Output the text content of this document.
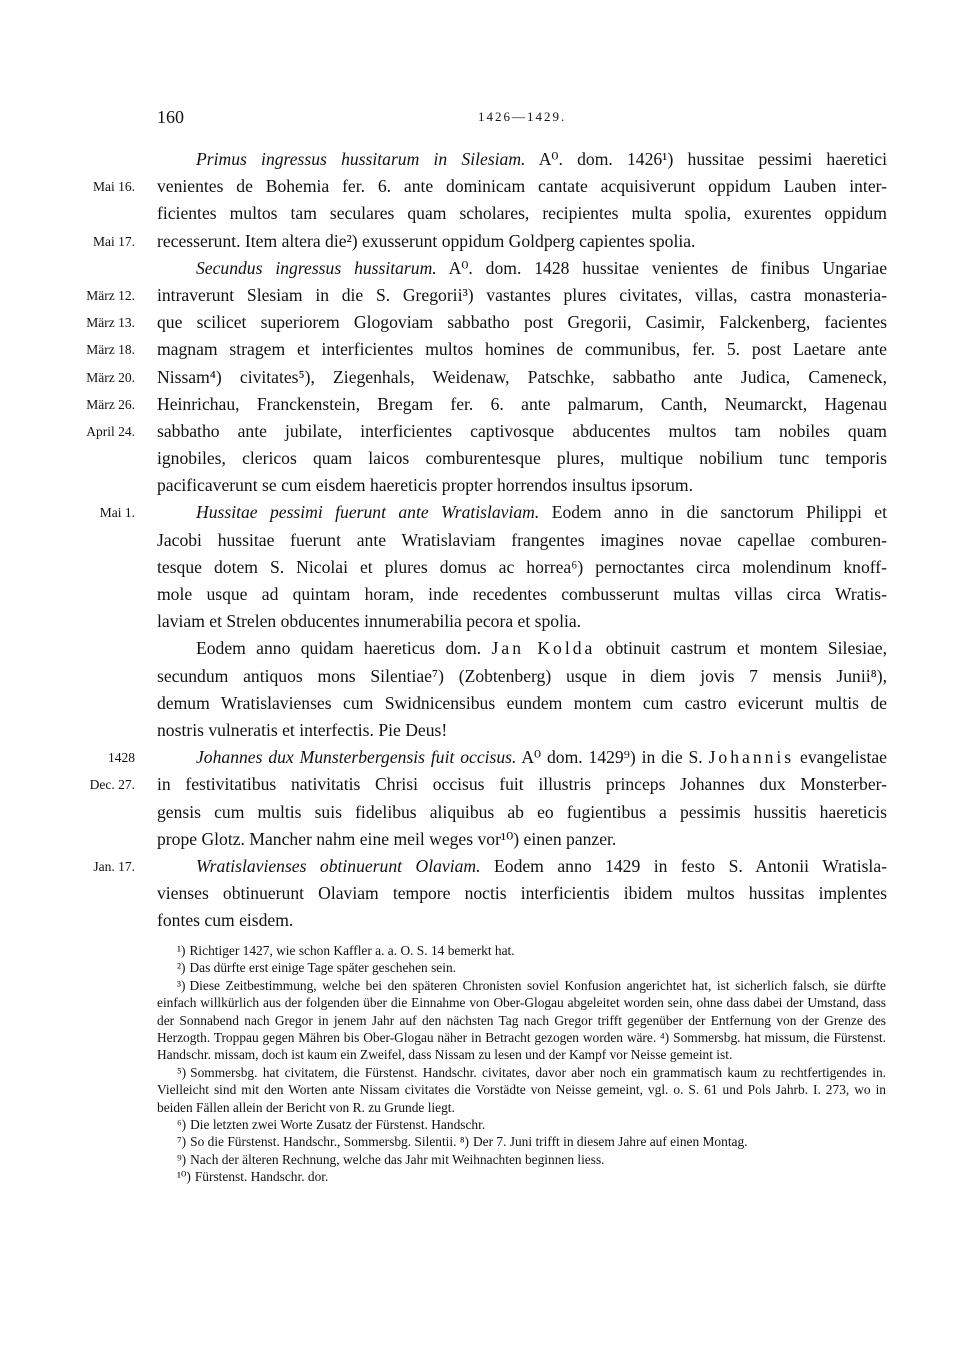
160	1426—1429.
Primus ingressus hussitarum in Silesiam. A⁰. dom. 1426¹) hussitae pessimi haeretici
Mai 16. venientes de Bohemia fer. 6. ante dominicam cantate acquisiverunt oppidum Lauben inter-
ficientes multos tam seculares quam scholares, recipientes multa spolia, exurentes oppidum
Mai 17. recesserunt. Item altera die²) exusserunt oppidum Goldperg capientes spolia.
Secundus ingressus hussitarum. A⁰. dom. 1428 hussitae venientes de finibus Ungariae
März 12. intraverunt Slesiam in die S. Gregorii³) vastantes plures civitates, villas, castra monasteria-
März 13. que scilicet superiorem Glogoviam sabbatho post Gregorii, Casimir, Falckenberg, facientes
März 18. magnam stragem et interficientes multos homines de communibus, fer. 5. post Laetare ante
März 20. Nissam⁴) civitates⁵), Ziegenhals, Weidenaw, Patschke, sabbatho ante Judica, Cameneck,
März 26. Heinrichau, Franckenstein, Bregam fer. 6. ante palmarum, Canth, Neumarckt, Hagenau
April 24. sabbatho ante jubilate, interficientes captivosque abducentes multos tam nobiles quam
ignobiles, clericos quam laicos comburentesque plures, multique nobilium tunc temporis
pacificaverunt se cum eisdem haereticis propter horrendos insultus ipsorum.
Mai 1.	Hussitae pessimi fuerunt ante Wratislaviam. Eodem anno in die sanctorum Philippi et
Jacobi hussitae fuerunt ante Wratislaviam frangentes imagines novae capellae comburen-
tesque dotem S. Nicolai et plures domus ac horrea⁶) pernoctantes circa molendinum knoff-
mole usque ad quintam horam, inde recedentes combusserunt multas villas circa Wratis-
laviam et Strelen obducentes innumerabilia pecora et spolia.
Eodem anno quidam haereticus dom. Jan Kolda obtinuit castrum et montem Silesiae,
secundum antiquos mons Silentiae⁷) (Zobtenberg) usque in diem jovis 7 mensis Junii⁸),
demum Wratislavienses cum Swidnicensibus eundem montem cum castro evicerunt multis de
nostris vulneratis et interfectis. Pie Deus!
1428	Johannes dux Munsterbergensis fuit occisus. A⁰ dom. 1429⁹) in die S. Johannis evangelistae
Dec. 27. in festivitatibus nativitatis Chrisi occisus fuit illustris princeps Johannes dux Monsterber-
gensis cum multis suis fidelibus aliquibus ab eo fugientibus a pessimis hussitis haereticis
prope Glotz. Mancher nahm eine meil weges vor¹⁰) einen panzer.
Jan. 17.	Wratislavienses obtinuerunt Olaviam. Eodem anno 1429 in festo S. Antonii Wratisla-
vienses obtinuerunt Olaviam tempore noctis interficientis ibidem multos hussitas implentes
fontes cum eisdem.

¹) Richtiger 1427, wie schon Kaffler a. a. O. S. 14 bemerkt hat.

²) Das dürfte erst einige Tage später geschehen sein.

³) Diese Zeitbestimmung, welche bei den späteren Chronisten soviel Konfusion angerichtet hat, ist sicherlich falsch, sie dürfte einfach willkürlich aus der folgenden über die Einnahme von Ober-Glogau abgeleitet worden sein, ohne dass dabei der Umstand, dass der Sonnabend nach Gregor in jenem Jahr auf den nächsten Tag nach Gregor trifft gegenüber der Entfernung von der Grenze des Herzogth. Troppau gegen Mähren bis Ober-Glogau näher in Betracht gezogen worden wäre. ⁴) Sommersbg. hat missum, die Fürstenst. Handschr. missam, doch ist kaum ein Zweifel, dass Nissam zu lesen und der Kampf vor Neisse gemeint ist.

⁵) Sommersbg. hat civitatem, die Fürstenst. Handschr. civitates, davor aber noch ein grammatisch kaum zu rechtfertigendes in. Vielleicht sind mit den Worten ante Nissam civitates die Vorstädte von Neisse gemeint, vgl. o. S. 61 und Pols Jahrb. I. 273, wo in beiden Fällen allein der Bericht von R. zu Grunde liegt.

⁶) Die letzten zwei Worte Zusatz der Fürstenst. Handschr.

⁷) So die Fürstenst. Handschr., Sommersbg. Silentii. ⁸) Der 7. Juni trifft in diesem Jahre auf einen Montag.

⁹) Nach der älteren Rechnung, welche das Jahr mit Weihnachten beginnen liess.

¹⁰) Fürstenst. Handschr. dor.
